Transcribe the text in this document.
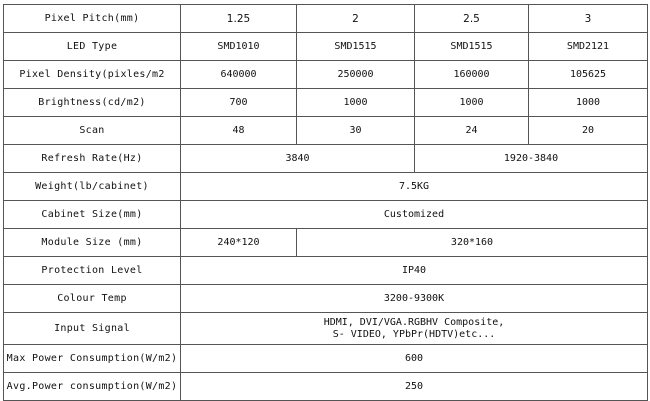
Pixel Pitch(mm)	1.25	2	2.5	3
LED Type	SMD1010	SMD1515	SMD1515	SMD2121
Pixel Density(pixles/m2	640000	250000	160000	105625
Brightness(cd/m2)	700	1000	1000	1000
Scan	48	30	24	20
Refresh Rate(Hz)	3840		1920-3840	
Weight(lb/cabinet)	7.5KG			
Cabinet Size(mm)	Customized			
Module Size (mm)	240*120	320*160		
Protection Level	IP40			
Colour Temp	3200-9300K			
Input Signal	HDMI, DVI/VGA.RGBHV Composite,
S- VIDEO, YPbPr(HDTV)etc...			

Max Power Consumption(W/m2)	600			
Avg.Power consumption(W/m2)	250			
